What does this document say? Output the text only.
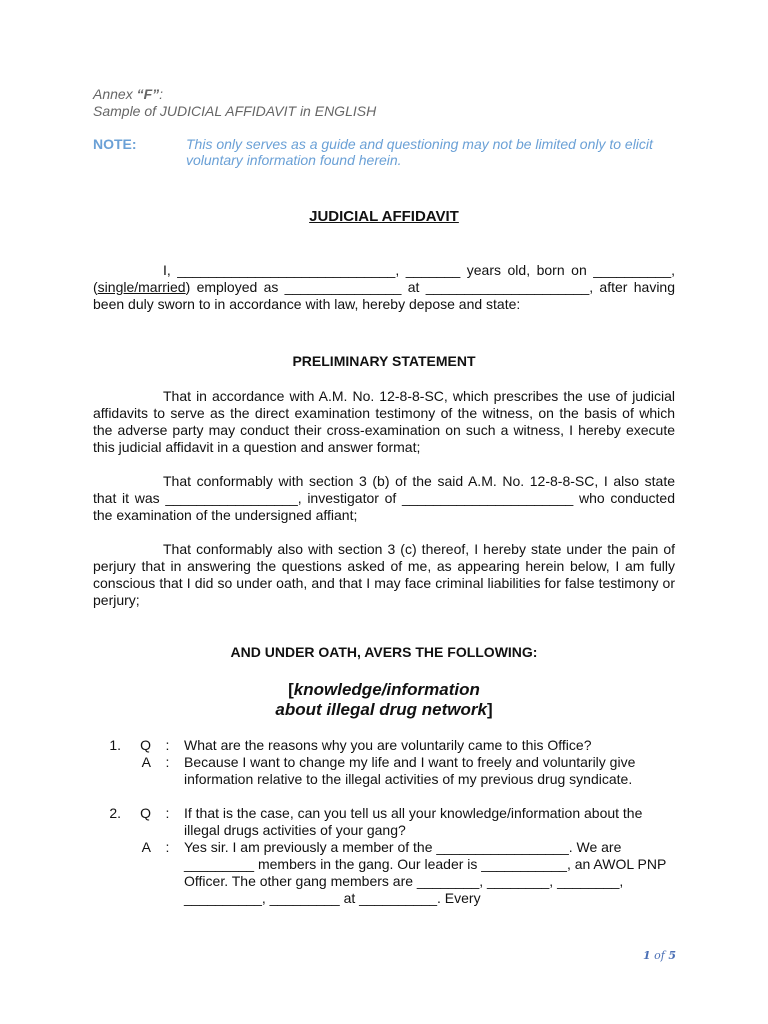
Annex “F”:
Sample of JUDICIAL AFFIDAVIT in ENGLISH
NOTE:	This only serves as a guide and questioning may not be limited only to elicit voluntary information found herein.
JUDICIAL AFFIDAVIT
I, ____________________________, _______ years old, born on __________, (single/married) employed as _______________ at _____________________, after having been duly sworn to in accordance with law, hereby depose and state:
PRELIMINARY STATEMENT
That in accordance with A.M. No. 12-8-8-SC, which prescribes the use of judicial affidavits to serve as the direct examination testimony of the witness, on the basis of which the adverse party may conduct their cross-examination on such a witness, I hereby execute this judicial affidavit in a question and answer format;
That conformably with section 3 (b) of the said A.M. No. 12-8-8-SC, I also state that it was _________________, investigator of ______________________ who conducted the examination of the undersigned affiant;
That conformably also with section 3 (c) thereof, I hereby state under the pain of perjury that in answering the questions asked of me, as appearing herein below, I am fully conscious that I did so under oath, and that I may face criminal liabilities for false testimony or perjury;
AND UNDER OATH, AVERS THE FOLLOWING:
[knowledge/information
about illegal drug network]
1.	Q	:	What are the reasons why you are voluntarily came to this Office?
A	:	Because I want to change my life and I want to freely and voluntarily give information relative to the illegal activities of my previous drug syndicate.
2.	Q	:	If that is the case, can you tell us all your knowledge/information about the illegal drugs activities of your gang?
A	:	Yes sir. I am previously a member of the _________________. We are _________ members in the gang. Our leader is ___________, an AWOL PNP Officer. The other gang members are ________, ________, ________, __________, _________ at __________. Every
1 of 5
